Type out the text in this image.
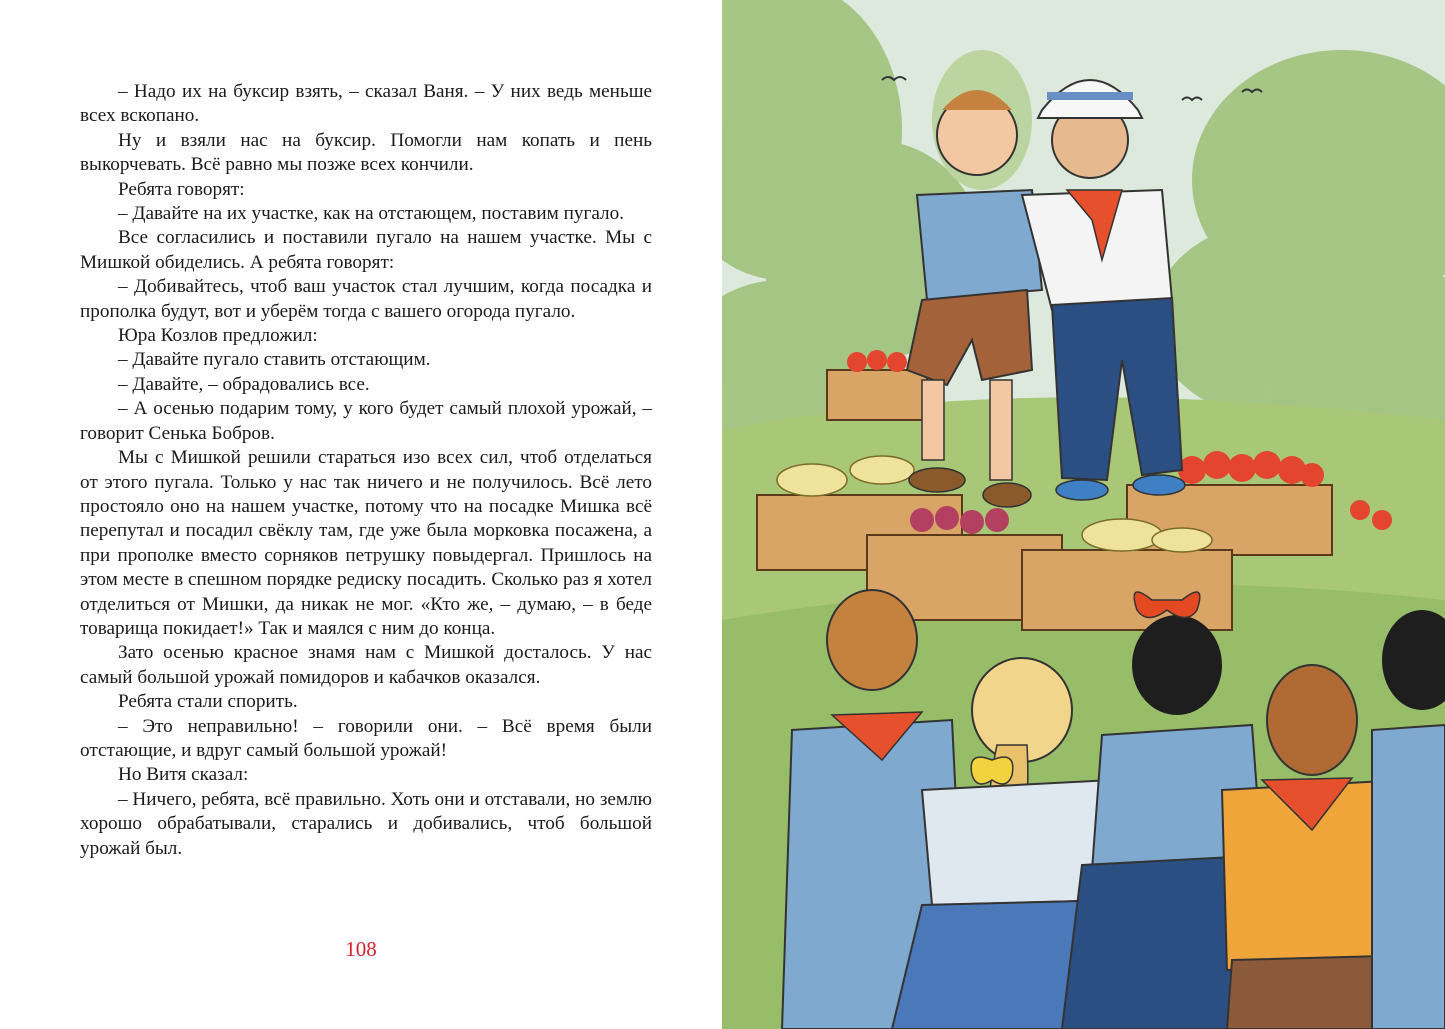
– Надо их на буксир взять, – сказал Ваня. – У них ведь меньше всех вскопано.

Ну и взяли нас на буксир. Помогли нам копать и пень выкорчевать. Всё равно мы позже всех кончили.

Ребята говорят:

– Давайте на их участке, как на отстающем, поставим пугало.

Все согласились и поставили пугало на нашем участке. Мы с Мишкой обиделись. А ребята говорят:

– Добивайтесь, чтоб ваш участок стал лучшим, когда посадка и прополка будут, вот и уберём тогда с вашего огорода пугало.

Юра Козлов предложил:

– Давайте пугало ставить отстающим.

– Давайте, – обрадовались все.

– А осенью подарим тому, у кого будет самый плохой урожай, – говорит Сенька Бобров.

Мы с Мишкой решили стараться изо всех сил, чтоб отделаться от этого пугала. Только у нас так ничего и не получилось. Всё лето простояло оно на нашем участке, потому что на посадке Мишка всё перепутал и посадил свёклу там, где уже была морковка посажена, а при прополке вместо сорняков петрушку повыдергал. Пришлось на этом месте в спешном порядке редиску посадить. Сколько раз я хотел отделиться от Мишки, да никак не мог. «Кто же, – думаю, – в беде товарища покидает!» Так и маялся с ним до конца.

Зато осенью красное знамя нам с Мишкой досталось. У нас самый большой урожай помидоров и кабачков оказался.

Ребята стали спорить.

– Это неправильно! – говорили они. – Всё время были отстающие, и вдруг самый большой урожай!

Но Витя сказал:

– Ничего, ребята, всё правильно. Хоть они и отставали, но землю хорошо обрабатывали, старались и добивались, чтоб большой урожай был.

108
